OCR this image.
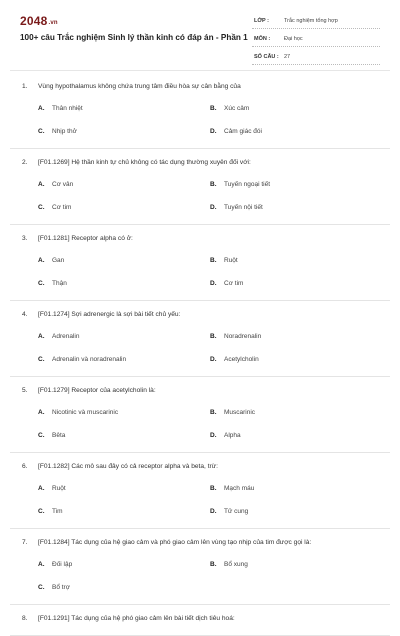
2048.vn
100+ câu Trắc nghiệm Sinh lý thần kinh có đáp án - Phần 1
LỚP :	Trắc nghiệm tổng hợp
MÔN :	Đại học
SỐ CÂU : 27
1. Vùng hypothalamus không chứa trung tâm điều hòa sự cân bằng của
A. Thân nhiệt	B. Xúc cảm
C. Nhịp thở	D. Cảm giác đói
2. [F01.1269] Hệ thần kinh tự chủ không có tác dụng thường xuyên đối với:
A. Cơ vân	B. Tuyến ngoại tiết
C. Cơ tim	D. Tuyến nội tiết
3. [F01.1281] Receptor alpha có ở:
A. Gan	B. Ruột
C. Thận	D. Cơ tim
4. [F01.1274] Sợi adrenergic là sợi bài tiết chủ yếu:
A. Adrenalin	B. Noradrenalin
C. Adrenalin và noradrenalin	D. Acetylcholin
5. [F01.1279] Receptor của acetylcholin là:
A. Nicotinic và muscarinic	B. Muscarinic
C. Bêta	D. Alpha
6. [F01.1282] Các mô sau đây có cả receptor alpha và beta, trừ:
A. Ruột	B. Mạch máu
C. Tim	D. Tử cung
7. [F01.1284] Tác dụng của hệ giao cảm và phó giao cảm lên vùng tạo nhịp của tim được gọi là:
A. Đối lập	B. Bổ xung
C. Bổ trợ
8. [F01.1291] Tác dụng của hệ phó giao cảm lên bài tiết dịch tiêu hoá:
